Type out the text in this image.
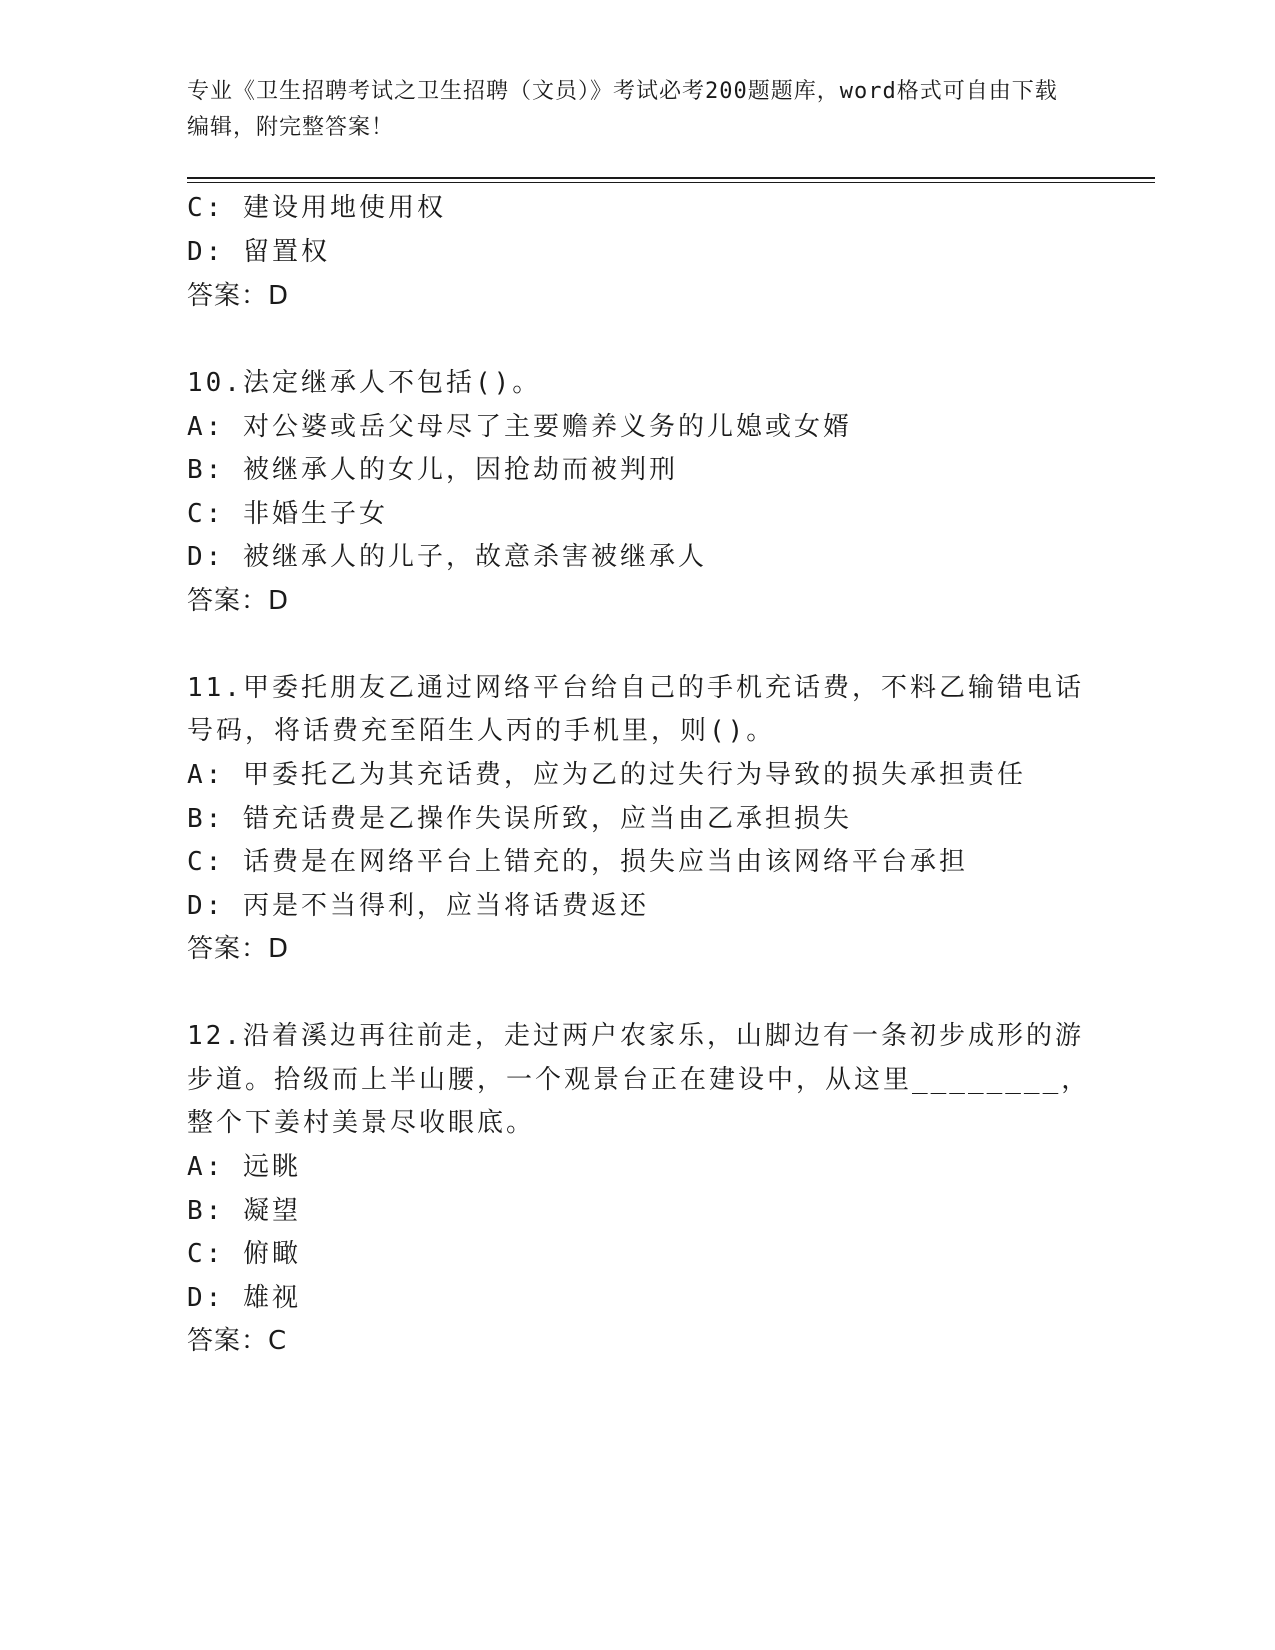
专业《卫生招聘考试之卫生招聘（文员）》考试必考200题题库，word格式可自由下载编辑，附完整答案！
C: 建设用地使用权
D: 留置权
答案：D
10.法定继承人不包括()。
A: 对公婆或岳父母尽了主要赡养义务的儿媳或女婿
B: 被继承人的女儿，因抢劫而被判刑
C: 非婚生子女
D: 被继承人的儿子，故意杀害被继承人
答案：D
11.甲委托朋友乙通过网络平台给自己的手机充话费，不料乙输错电话
号码，将话费充至陌生人丙的手机里，则()。
A: 甲委托乙为其充话费，应为乙的过失行为导致的损失承担责任
B: 错充话费是乙操作失误所致，应当由乙承担损失
C: 话费是在网络平台上错充的，损失应当由该网络平台承担
D: 丙是不当得利，应当将话费返还
答案：D
12.沿着溪边再往前走，走过两户农家乐，山脚边有一条初步成形的游
步道。拾级而上半山腰，一个观景台正在建设中，从这里________，
整个下姜村美景尽收眼底。
A: 远眺
B: 凝望
C: 俯瞰
D: 雄视
答案：C
